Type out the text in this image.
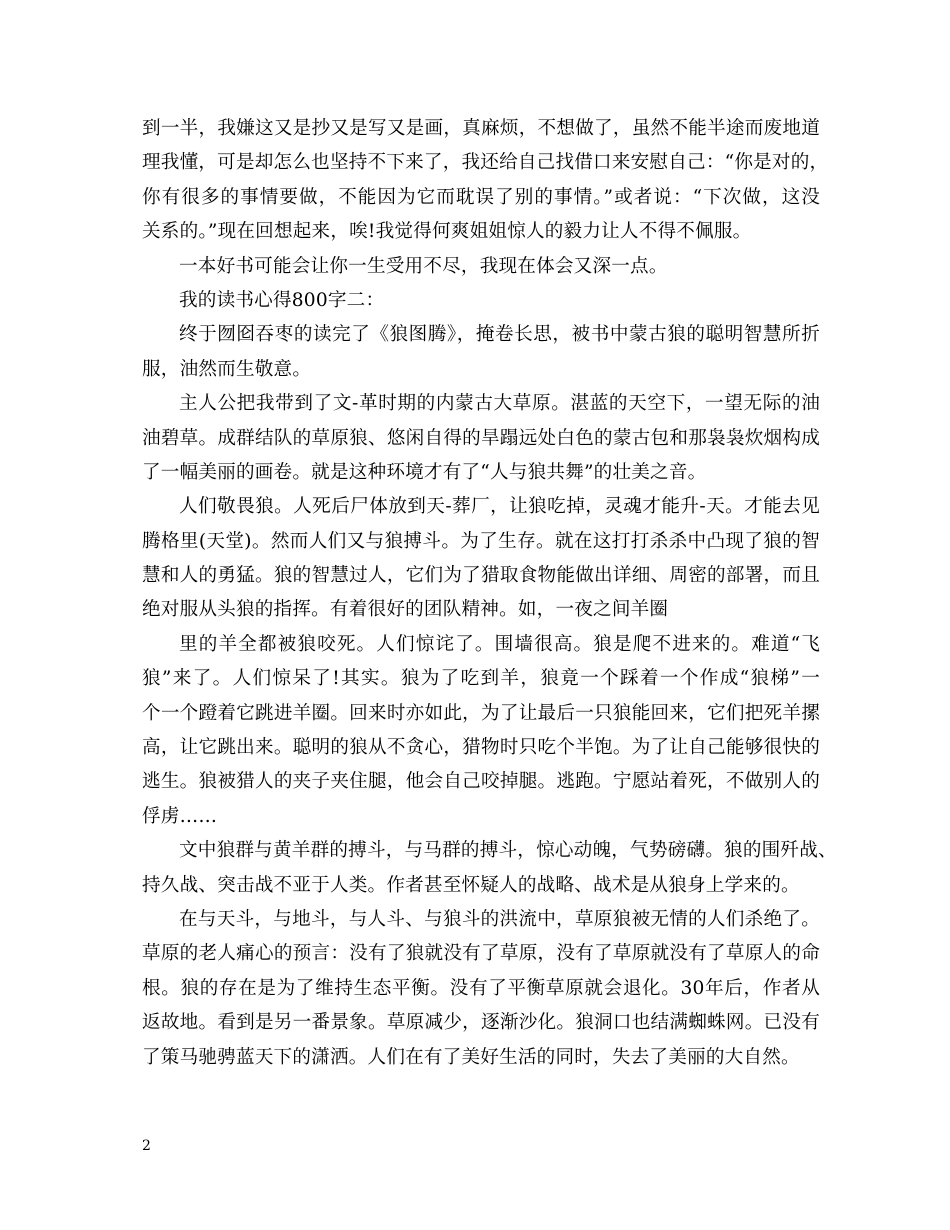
到一半，我嫌这又是抄又是写又是画，真麻烦，不想做了，虽然不能半途而废地道
理我懂，可是却怎么也坚持不下来了，我还给自己找借口来安慰自己：“你是对的，
你有很多的事情要做，不能因为它而耽误了别的事情。”或者说：“下次做，这没
关系的。”现在回想起来，唉!我觉得何爽姐姐惊人的毅力让人不得不佩服。
一本好书可能会让你一生受用不尽，我现在体会又深一点。
我的读书心得800字二：
终于囫囵吞枣的读完了《狼图腾》，掩卷长思，被书中蒙古狼的聪明智慧所折
服，油然而生敬意。
主人公把我带到了文-革时期的内蒙古大草原。湛蓝的天空下，一望无际的油
油碧草。成群结队的草原狼、悠闲自得的旱蹋远处白色的蒙古包和那袅袅炊烟构成
了一幅美丽的画卷。就是这种环境才有了“人与狼共舞”的壮美之音。
人们敬畏狼。人死后尸体放到天-葬厂，让狼吃掉，灵魂才能升-天。才能去见
腾格里(天堂)。然而人们又与狼搏斗。为了生存。就在这打打杀杀中凸现了狼的智
慧和人的勇猛。狼的智慧过人，它们为了猎取食物能做出详细、周密的部署，而且
绝对服从头狼的指挥。有着很好的团队精神。如，一夜之间羊圈
里的羊全都被狼咬死。人们惊诧了。围墙很高。狼是爬不进来的。难道“飞
狼”来了。人们惊呆了!其实。狼为了吃到羊，狼竟一个踩着一个作成“狼梯”一
个一个蹬着它跳进羊圈。回来时亦如此，为了让最后一只狼能回来，它们把死羊摞
高，让它跳出来。聪明的狼从不贪心，猎物时只吃个半饱。为了让自己能够很快的
逃生。狼被猎人的夹子夹住腿，他会自己咬掉腿。逃跑。宁愿站着死，不做别人的
俘虏……
文中狼群与黄羊群的搏斗，与马群的搏斗，惊心动魄，气势磅礴。狼的围歼战、
持久战、突击战不亚于人类。作者甚至怀疑人的战略、战术是从狼身上学来的。
在与天斗，与地斗，与人斗、与狼斗的洪流中，草原狼被无情的人们杀绝了。
草原的老人痛心的预言：没有了狼就没有了草原，没有了草原就没有了草原人的命
根。狼的存在是为了维持生态平衡。没有了平衡草原就会退化。30年后，作者从
返故地。看到是另一番景象。草原减少，逐渐沙化。狼洞口也结满蜘蛛网。已没有
了策马驰骋蓝天下的潇洒。人们在有了美好生活的同时，失去了美丽的大自然。
2
